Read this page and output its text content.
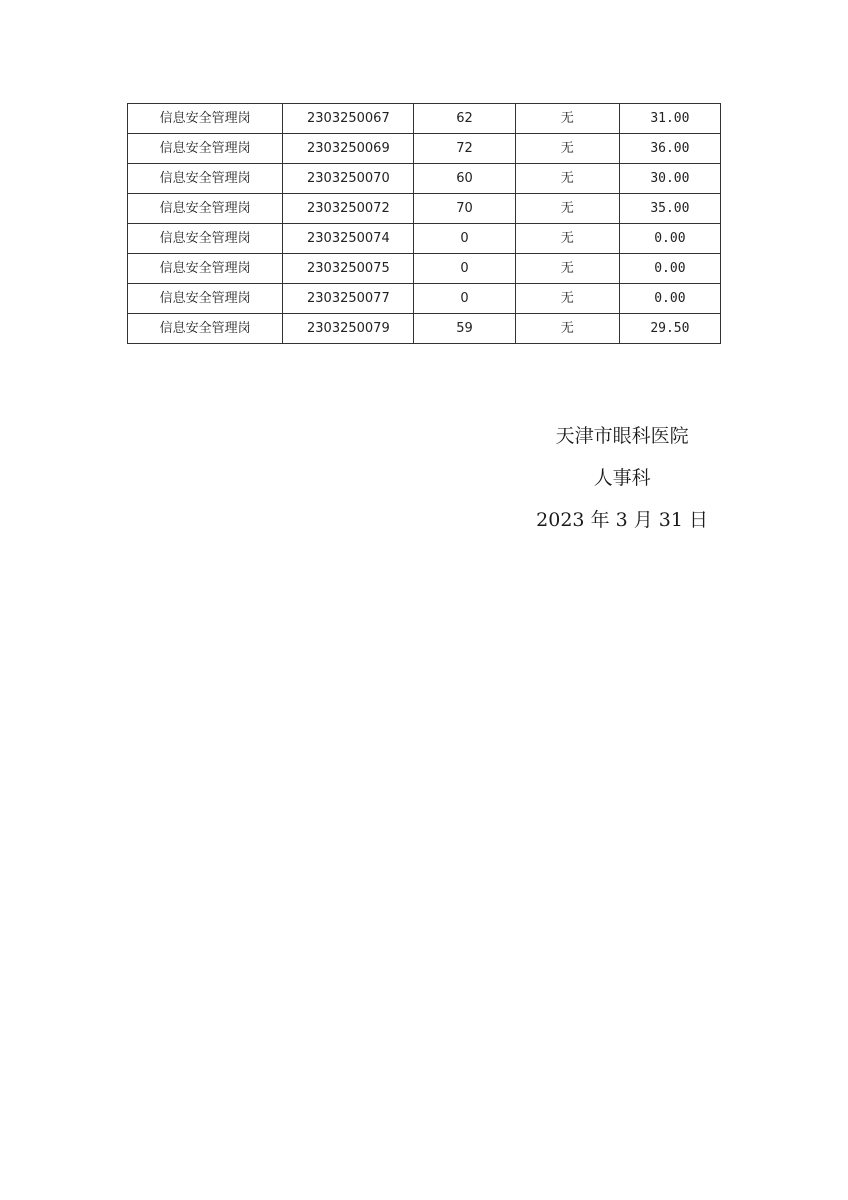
信息安全管理岗	2303250067	62	无	31.00
信息安全管理岗	2303250069	72	无	36.00
信息安全管理岗	2303250070	60	无	30.00
信息安全管理岗	2303250072	70	无	35.00
信息安全管理岗	2303250074	0	无	0.00
信息安全管理岗	2303250075	0	无	0.00
信息安全管理岗	2303250077	0	无	0.00
信息安全管理岗	2303250079	59	无	29.50
天津市眼科医院
人事科
2023 年 3 月 31 日
